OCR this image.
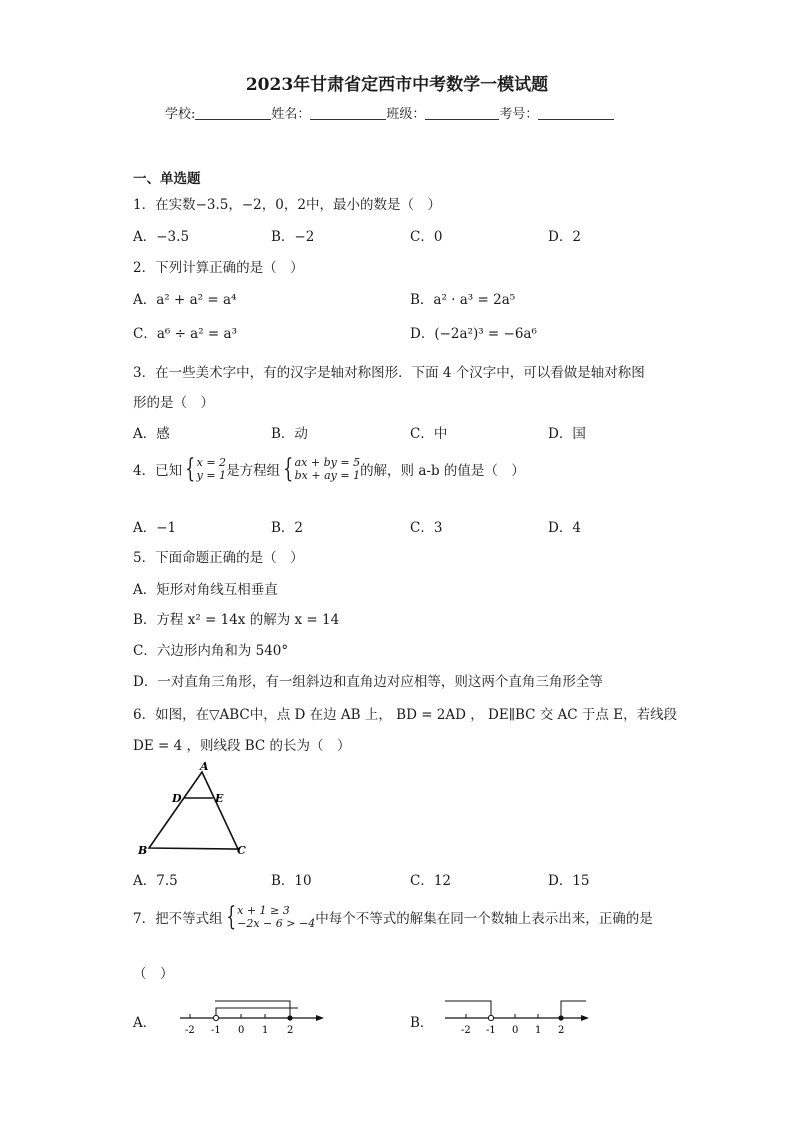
2023年甘肃省定西市中考数学一模试题
学校:	姓名：	班级：	考号：
一、单选题
1．在实数−3.5，−2，0，2中，最小的数是（　）
A．−3.5	B．−2	C．0	D．2
2．下列计算正确的是（　）
A．a² + a² = a⁴	B．a² · a³ = 2a⁵
C．a⁶ ÷ a² = a³	D．(−2a²)³ = −6a⁶
3．在一些美术字中，有的汉字是轴对称图形．下面 4 个汉字中，可以看做是轴对称图
形的是（　）
A．感	B．动	C．中	D．国
4．已知 {x = 2
y = 1是方程组 {ax + by = 5
bx + ay = 1的解，则 a-b 的值是（　）
A．−1	B．2	C．3	D．4
5．下面命题正确的是（　）
A．矩形对角线互相垂直
B．方程 x² = 14x 的解为 x = 14
C．六边形内角和为 540°
D．一对直角三角形，有一组斜边和直角边对应相等，则这两个直角三角形全等
6．如图，在▽ABC中，点 D 在边 AB 上， BD = 2AD ， DE∥BC 交 AC 于点 E，若线段
DE = 4 ，则线段 BC 的长为（　）
A
B	C
D	E
A．7.5	B．10	C．12	D．15
7．把不等式组 {x + 1 ≥ 3
−2x − 6 > −4中每个不等式的解集在同一个数轴上表示出来，正确的是
（　）
A．	-2 -1 0 1 2	B．	-2 -1 0 1 2
